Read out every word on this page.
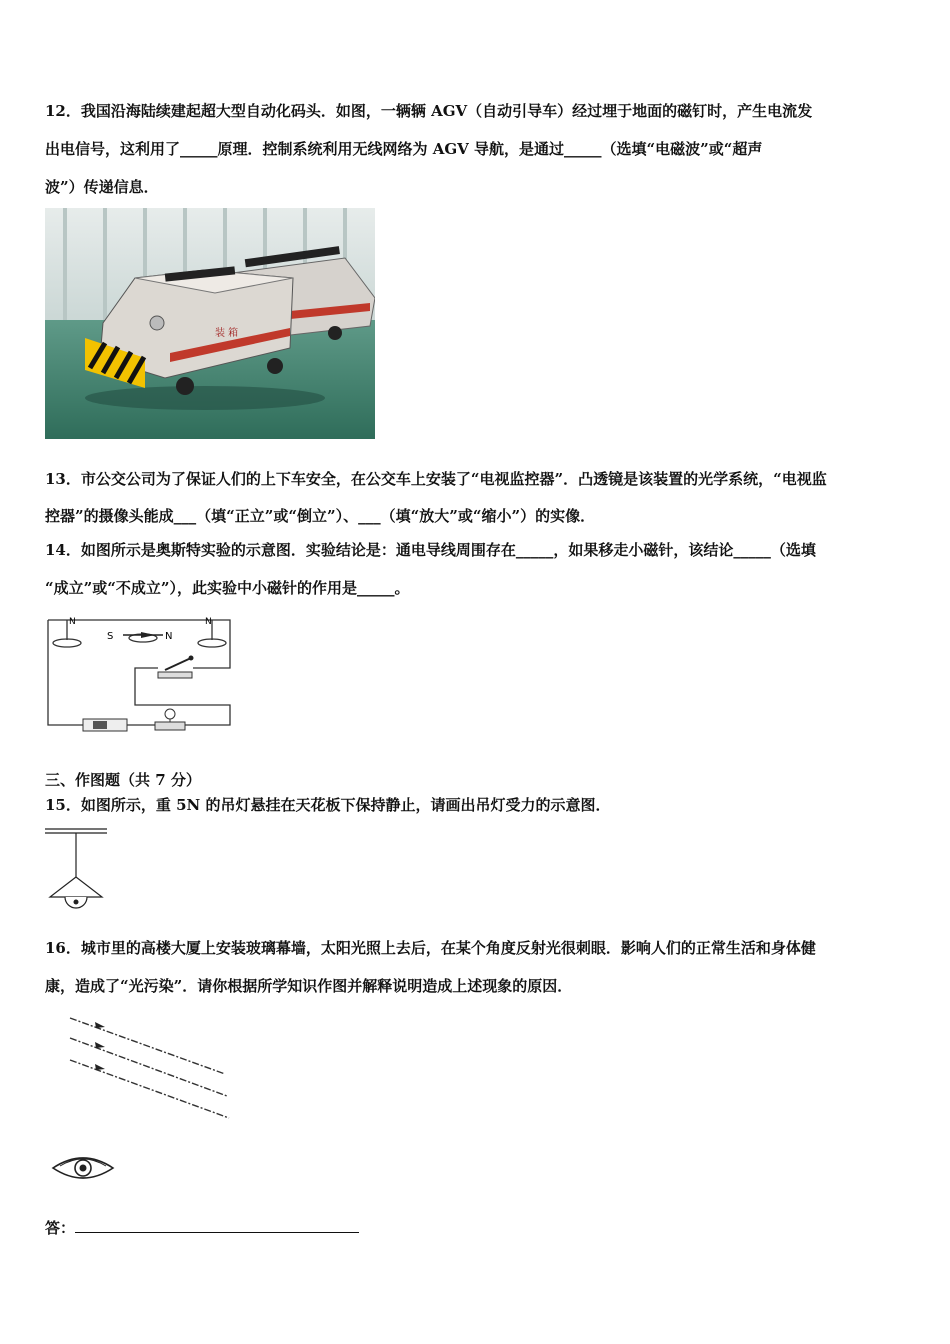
12．我国沿海陆续建起超大型自动化码头．如图，一辆辆 AGV（自动引导车）经过埋于地面的磁钉时，产生电流发
出电信号，这利用了_____原理．控制系统利用无线网络为 AGV 导航，是通过_____（选填“电磁波”或“超声
波”）传递信息．
装 箱
13．市公交公司为了保证人们的上下车安全，在公交车上安装了“电视监控器”．凸透镜是该装置的光学系统，“电视监
控器”的摄像头能成___（填“正立”或“倒立”）、___（填“放大”或“缩小”）的实像．
14．如图所示是奥斯特实验的示意图．实验结论是：通电导线周围存在_____，如果移走小磁针，该结论_____（选填
“成立”或“不成立”），此实验中小磁针的作用是_____。
S	N
N	N
三、作图题（共 7 分）
15．如图所示，重 5N 的吊灯悬挂在天花板下保持静止，请画出吊灯受力的示意图．
16．城市里的高楼大厦上安装玻璃幕墙，太阳光照上去后，在某个角度反射光很刺眼．影响人们的正常生活和身体健
康，造成了“光污染”．请你根据所学知识作图并解释说明造成上述现象的原因．
答：
